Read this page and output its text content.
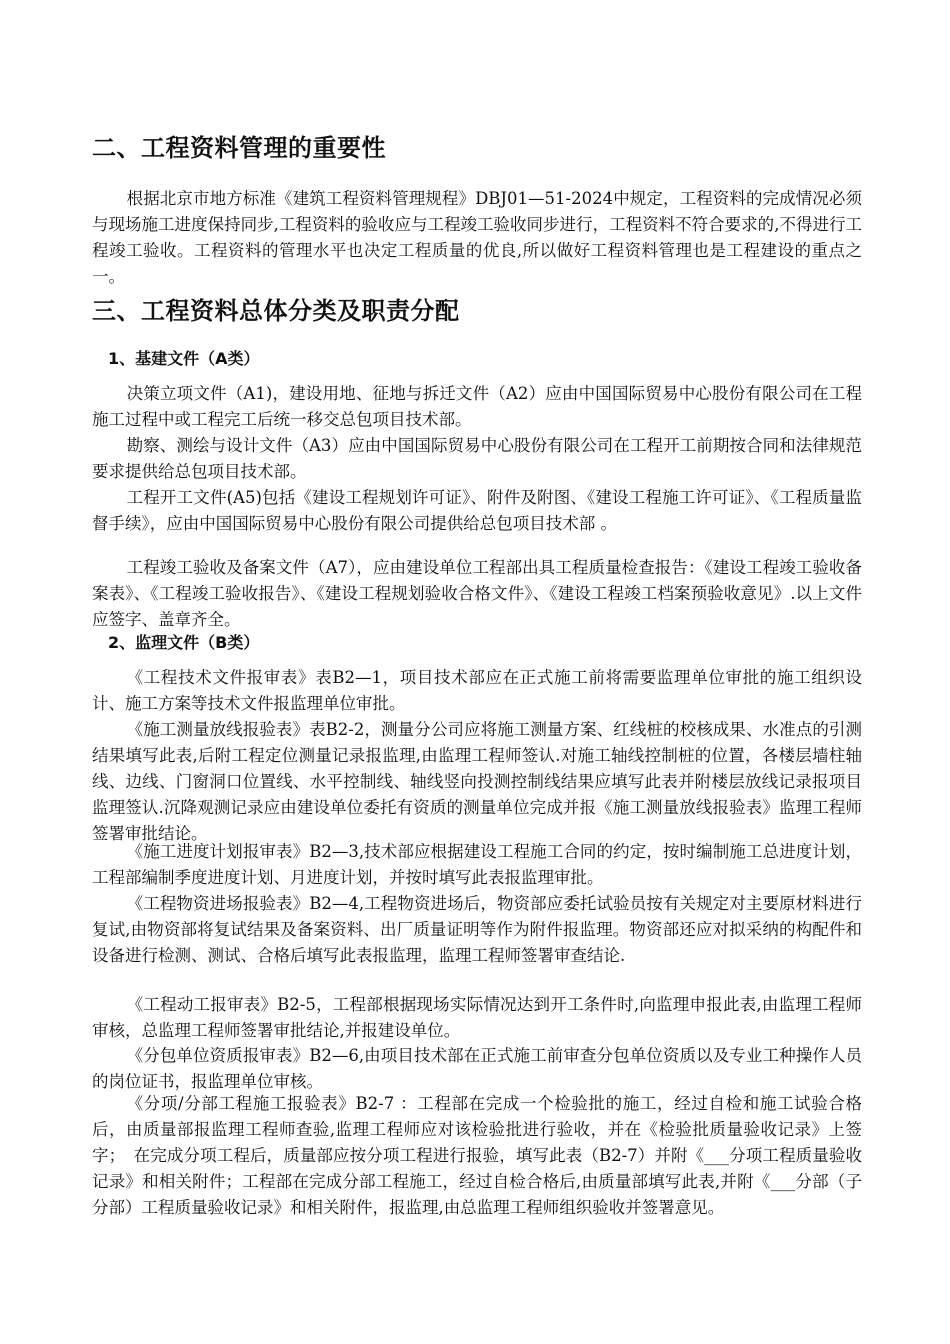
二、工程资料管理的重要性

根据北京市地方标准《建筑工程资料管理规程》DBJ01—51-2024中规定，工程资料的完成情况必须与现场施工进度保持同步,工程资料的验收应与工程竣工验收同步进行，工程资料不符合要求的,不得进行工程竣工验收。工程资料的管理水平也决定工程质量的优良,所以做好工程资料管理也是工程建设的重点之一。

三、工程资料总体分类及职责分配
1、基建文件（A类）

决策立项文件（A1)，建设用地、征地与拆迁文件（A2）应由中国国际贸易中心股份有限公司在工程施工过程中或工程完工后统一移交总包项目技术部。

勘察、测绘与设计文件（A3）应由中国国际贸易中心股份有限公司在工程开工前期按合同和法律规范要求提供给总包项目技术部。

工程开工文件(A5)包括《建设工程规划许可证》、附件及附图、《建设工程施工许可证》、《工程质量监督手续》，应由中国国际贸易中心股份有限公司提供给总包项目技术部 。

工程竣工验收及备案文件（A7），应由建设单位工程部出具工程质量检查报告：《建设工程竣工验收备案表》、《工程竣工验收报告》、《建设工程规划验收合格文件》、《建设工程竣工档案预验收意见》.以上文件应签字、盖章齐全。

2、监理文件（B类）

《工程技术文件报审表》表B2—1，项目技术部应在正式施工前将需要监理单位审批的施工组织设计、施工方案等技术文件报监理单位审批。

《施工测量放线报验表》表B2-2，测量分公司应将施工测量方案、红线桩的校核成果、水准点的引测结果填写此表,后附工程定位测量记录报监理,由监理工程师签认.对施工轴线控制桩的位置，各楼层墙柱轴线、边线、门窗洞口位置线、水平控制线、轴线竖向投测控制线结果应填写此表并附楼层放线记录报项目监理签认.沉降观测记录应由建设单位委托有资质的测量单位完成并报《施工测量放线报验表》监理工程师签署审批结论。

《施工进度计划报审表》B2—3,技术部应根据建设工程施工合同的约定，按时编制施工总进度计划，工程部编制季度进度计划、月进度计划，并按时填写此表报监理审批。

《工程物资进场报验表》B2—4,工程物资进场后，物资部应委托试验员按有关规定对主要原材料进行复试,由物资部将复试结果及备案资料、出厂质量证明等作为附件报监理。物资部还应对拟采纳的构配件和设备进行检测、测试、合格后填写此表报监理，监理工程师签署审查结论.

《工程动工报审表》B2-5，工程部根据现场实际情况达到开工条件时,向监理申报此表,由监理工程师审核，总监理工程师签署审批结论,并报建设单位。

《分包单位资质报审表》B2—6,由项目技术部在正式施工前审查分包单位资质以及专业工种操作人员的岗位证书，报监理单位审核。

《分项/分部工程施工报验表》B2-7 ：工程部在完成一个检验批的施工，经过自检和施工试验合格后，由质量部报监理工程师查验,监理工程师应对该检验批进行验收，并在《检验批质量验收记录》上签字；　在完成分项工程后，质量部应按分项工程进行报验，填写此表（B2-7）并附《___分项工程质量验收记录》和相关附件；工程部在完成分部工程施工，经过自检合格后,由质量部填写此表,并附《___分部（子分部）工程质量验收记录》和相关附件，报监理,由总监理工程师组织验收并签署意见。
